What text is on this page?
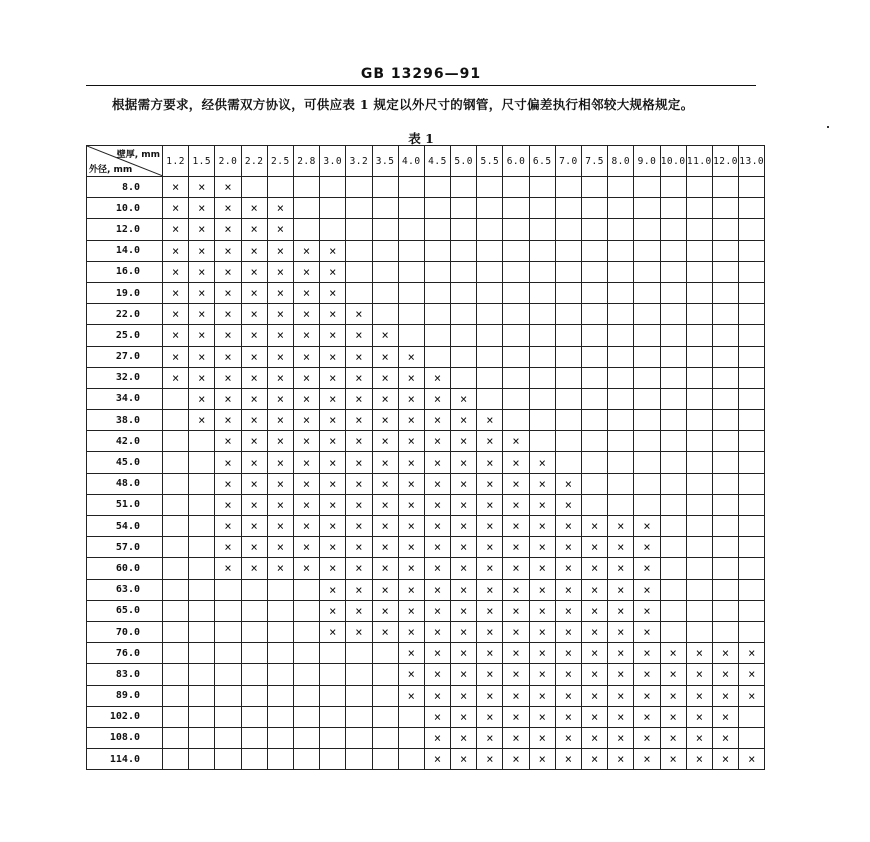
GB 13296—91
根据需方要求，经供需双方协议，可供应表 1 规定以外尺寸的钢管，尺寸偏差执行相邻较大规格规定。
表 1
壁厚, mm
外径, mm	1.2	1.5	2.0	2.2	2.5	2.8	3.0	3.2	3.5	4.0	4.5	5.0	5.5	6.0	6.5	7.0	7.5	8.0	9.0	10.0	11.0	12.0	13.0
8.0	×	×	×																				
10.0	×	×	×	×	×																		
12.0	×	×	×	×	×																		
14.0	×	×	×	×	×	×	×																
16.0	×	×	×	×	×	×	×																
19.0	×	×	×	×	×	×	×																
22.0	×	×	×	×	×	×	×	×															
25.0	×	×	×	×	×	×	×	×	×														
27.0	×	×	×	×	×	×	×	×	×	×													
32.0	×	×	×	×	×	×	×	×	×	×	×												
34.0		×	×	×	×	×	×	×	×	×	×	×											
38.0		×	×	×	×	×	×	×	×	×	×	×	×										
42.0			×	×	×	×	×	×	×	×	×	×	×	×									
45.0			×	×	×	×	×	×	×	×	×	×	×	×	×								
48.0			×	×	×	×	×	×	×	×	×	×	×	×	×	×							
51.0			×	×	×	×	×	×	×	×	×	×	×	×	×	×							
54.0			×	×	×	×	×	×	×	×	×	×	×	×	×	×	×	×	×				
57.0			×	×	×	×	×	×	×	×	×	×	×	×	×	×	×	×	×				
60.0			×	×	×	×	×	×	×	×	×	×	×	×	×	×	×	×	×				
63.0							×	×	×	×	×	×	×	×	×	×	×	×	×				
65.0							×	×	×	×	×	×	×	×	×	×	×	×	×				
70.0							×	×	×	×	×	×	×	×	×	×	×	×	×				
76.0										×	×	×	×	×	×	×	×	×	×	×	×	×	×
83.0										×	×	×	×	×	×	×	×	×	×	×	×	×	×
89.0										×	×	×	×	×	×	×	×	×	×	×	×	×	×
102.0											×	×	×	×	×	×	×	×	×	×	×	×	
108.0											×	×	×	×	×	×	×	×	×	×	×	×	
114.0											×	×	×	×	×	×	×	×	×	×	×	×	×
